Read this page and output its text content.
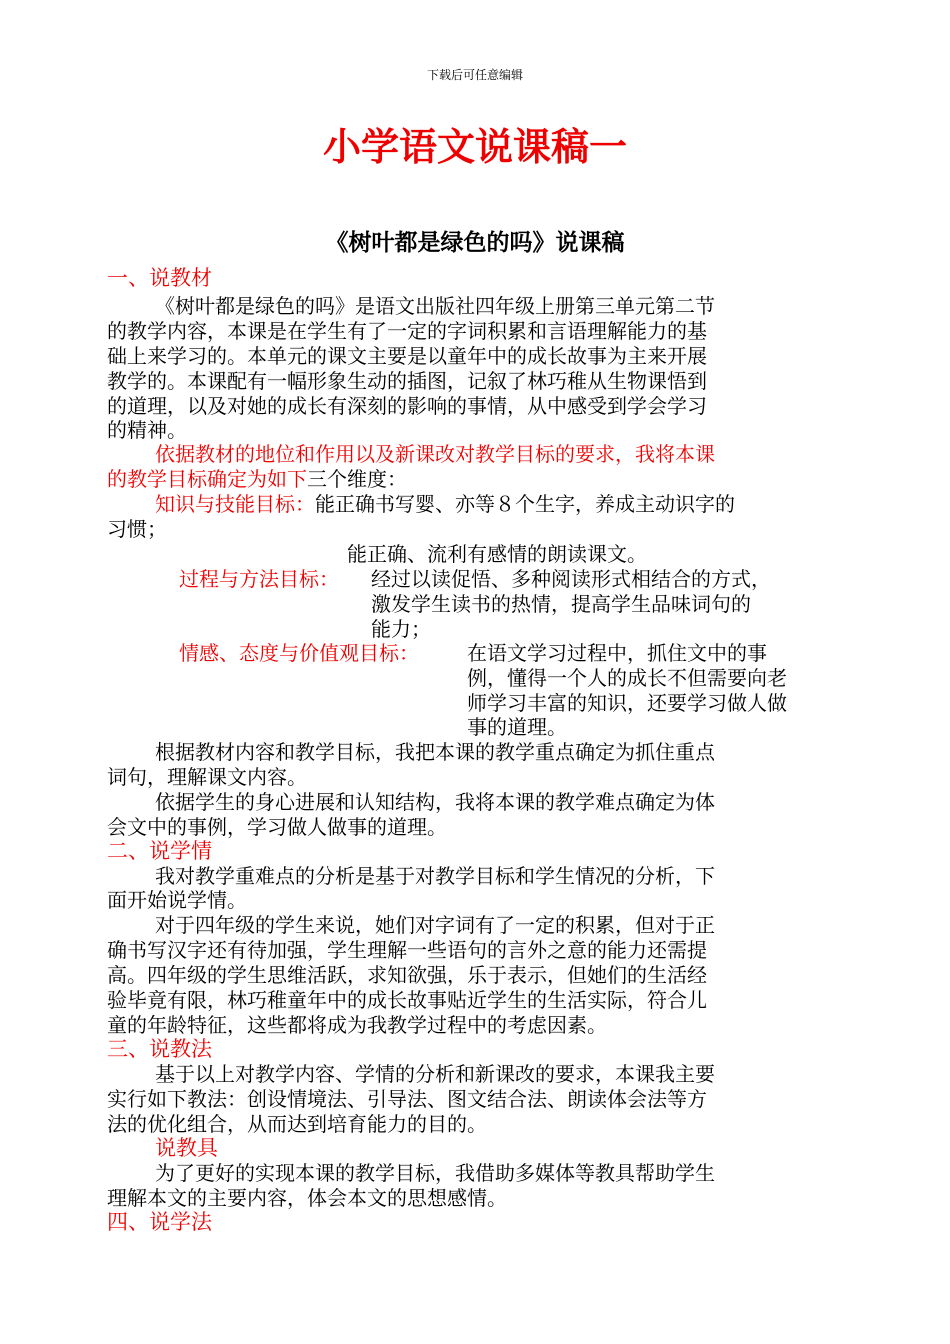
下载后可任意编辑
小学语文说课稿一
《树叶都是绿色的吗》说课稿
一、说教材
《树叶都是绿色的吗》是语文出版社四年级上册第三单元第二节
的教学内容，本课是在学生有了一定的字词积累和言语理解能力的基
础上来学习的。本单元的课文主要是以童年中的成长故事为主来开展
教学的。本课配有一幅形象生动的插图，记叙了林巧稚从生物课悟到
的道理，以及对她的成长有深刻的影响的事情，从中感受到学会学习
的精神。
依据教材的地位和作用以及新课改对教学目标的要求，我将本课
的教学目标确定为如下三个维度：
知识与技能目标：能正确书写婴、亦等８个生字，养成主动识字的
习惯；
能正确、流利有感情的朗读课文。
过程与方法目标： 经过以读促悟、多种阅读形式相结合的方式，
激发学生读书的热情，提高学生品味词句的
能力；
情感、态度与价值观目标： 在语文学习过程中，抓住文中的事
例，懂得一个人的成长不但需要向老
师学习丰富的知识，还要学习做人做
事的道理。
根据教材内容和教学目标，我把本课的教学重点确定为抓住重点
词句，理解课文内容。
依据学生的身心进展和认知结构，我将本课的教学难点确定为体
会文中的事例，学习做人做事的道理。
二、说学情
我对教学重难点的分析是基于对教学目标和学生情况的分析，下
面开始说学情。
对于四年级的学生来说，她们对字词有了一定的积累，但对于正
确书写汉字还有待加强，学生理解一些语句的言外之意的能力还需提
高。四年级的学生思维活跃，求知欲强，乐于表示，但她们的生活经
验毕竟有限，林巧稚童年中的成长故事贴近学生的生活实际，符合儿
童的年龄特征，这些都将成为我教学过程中的考虑因素。
三、说教法
基于以上对教学内容、学情的分析和新课改的要求，本课我主要
实行如下教法：创设情境法、引导法、图文结合法、朗读体会法等方
法的优化组合，从而达到培育能力的目的。
说教具
为了更好的实现本课的教学目标，我借助多媒体等教具帮助学生
理解本文的主要内容，体会本文的思想感情。
四、说学法
